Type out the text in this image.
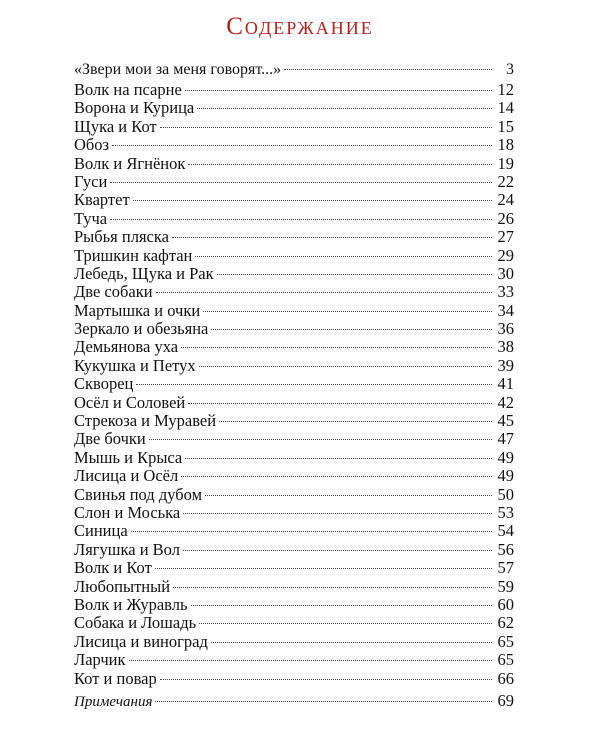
Содержание
«Звери мои за меня говорят...»	3
Волк на псарне	12
Ворона и Курица	14
Щука и Кот	15
Обоз	18
Волк и Ягнёнок	19
Гуси	22
Квартет	24
Туча	26
Рыбья пляска	27
Тришкин кафтан	29
Лебедь, Щука и Рак	30
Две собаки	33
Мартышка и очки	34
Зеркало и обезьяна	36
Демьянова уха	38
Кукушка и Петух	39
Скворец	41
Осёл и Соловей	42
Стрекоза и Муравей	45
Две бочки	47
Мышь и Крыса	49
Лисица и Осёл	49
Свинья под дубом	50
Слон и Моська	53
Синица	54
Лягушка и Вол	56
Волк и Кот	57
Любопытный	59
Волк и Журавль	60
Собака и Лошадь	62
Лисица и виноград	65
Ларчик	65
Кот и повар	66
Примечания	69
